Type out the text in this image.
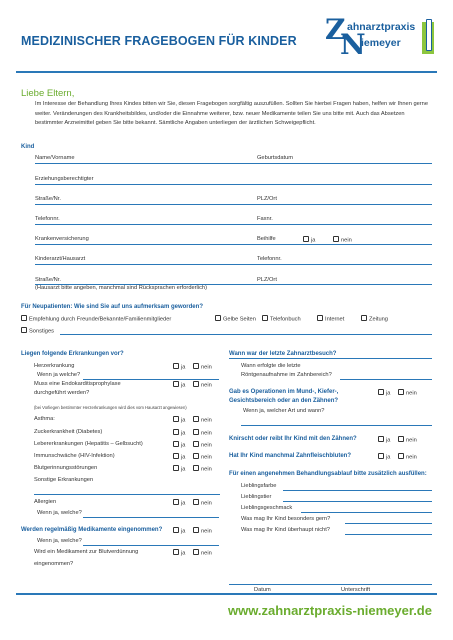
MEDIZINISCHER FRAGEBOGEN FÜR KINDER Z ahnarztpraxis
N
iemeyer
Liebe Eltern,
Im Interesse der Behandlung Ihres Kindes bitten wir Sie, diesen Fragebogen sorgfältig auszufüllen. Sollten Sie hierbei Fragen haben, helfen wir Ihnen gerne weiter. Veränderungen des Krankheitsbildes, und/oder die Einnahme weiterer, bzw. neuer Medikamente teilen Sie uns bitte mit. Auch das Absetzen bestimmter Arzneimittel geben Sie bitte bekannt. Sämtliche Angaben unterliegen der ärztlichen Schweigepflicht.
Kind
Name/Vorname	Geburtsdatum
Erziehungsberechtigter
Straße/Nr.	PLZ/Ort
Telefonnr.	Faxnr.
Krankenversicherung	Beihilfe	ja	nein
Kinderarzt/Hausarzt	Telefonnr.
Straße/Nr.	PLZ/Ort
(Hausarzt bitte angeben, manchmal sind Rücksprachen erforderlich)
Für Neupatienten: Wie sind Sie auf uns aufmerksam geworden?
Empfehlung durch Freunde/Bekannte/Familienmitglieder	Gelbe Seiten	Telefonbuch	Internet	Zeitung
Sonstiges
Liegen folgende Erkrankungen vor?
Herzerkrankung	ja	nein
Wenn ja welche?
Muss eine Endokarditisprophylaxe
durchgeführt werden?
ja	nein
(bei Vorliegen bestimmter Herzerkrankungen wird dies vom Hausarzt angewiesen)
Asthma:	ja	nein
Zuckerkrankheit (Diabetes)	ja	nein
Lebererkrankungen (Hepatitis – Gelbsucht)	ja	nein
Immunschwäche (HIV-Infektion)	ja	nein
Blutgerinnungsstörungen	ja	nein
Sonstige Erkrankungen
Allergien	ja	nein
Wenn ja, welche?
Werden regelmäßig Medikamente eingenommen?	ja	nein
Wenn ja, welche?
Wird ein Medikament zur Blutverdünnung
eingenommen?
ja	nein
Wann war der letzte Zahnarztbesuch?
Wann erfolgte die letzte
Röntgenaufnahme im Zahnbereich?
Gab es Operationen im Mund-, Kiefer-,
Gesichtsbereich oder an den Zähnen?
ja	nein
Wenn ja, welcher Art und wann?
Knirscht oder reibt Ihr Kind mit den Zähnen?	ja	nein
Hat Ihr Kind manchmal Zahnfleischbluten?	ja	nein
Für einen angenehmen Behandlungsablauf bitte zusätzlich ausfüllen:
Lieblingsfarbe
Lieblingstier
Lieblingsgeschmack
Was mag Ihr Kind besonders gern?
Was mag Ihr Kind überhaupt nicht?
Datum	Unterschrift
www.zahnarztpraxis-niemeyer.de
